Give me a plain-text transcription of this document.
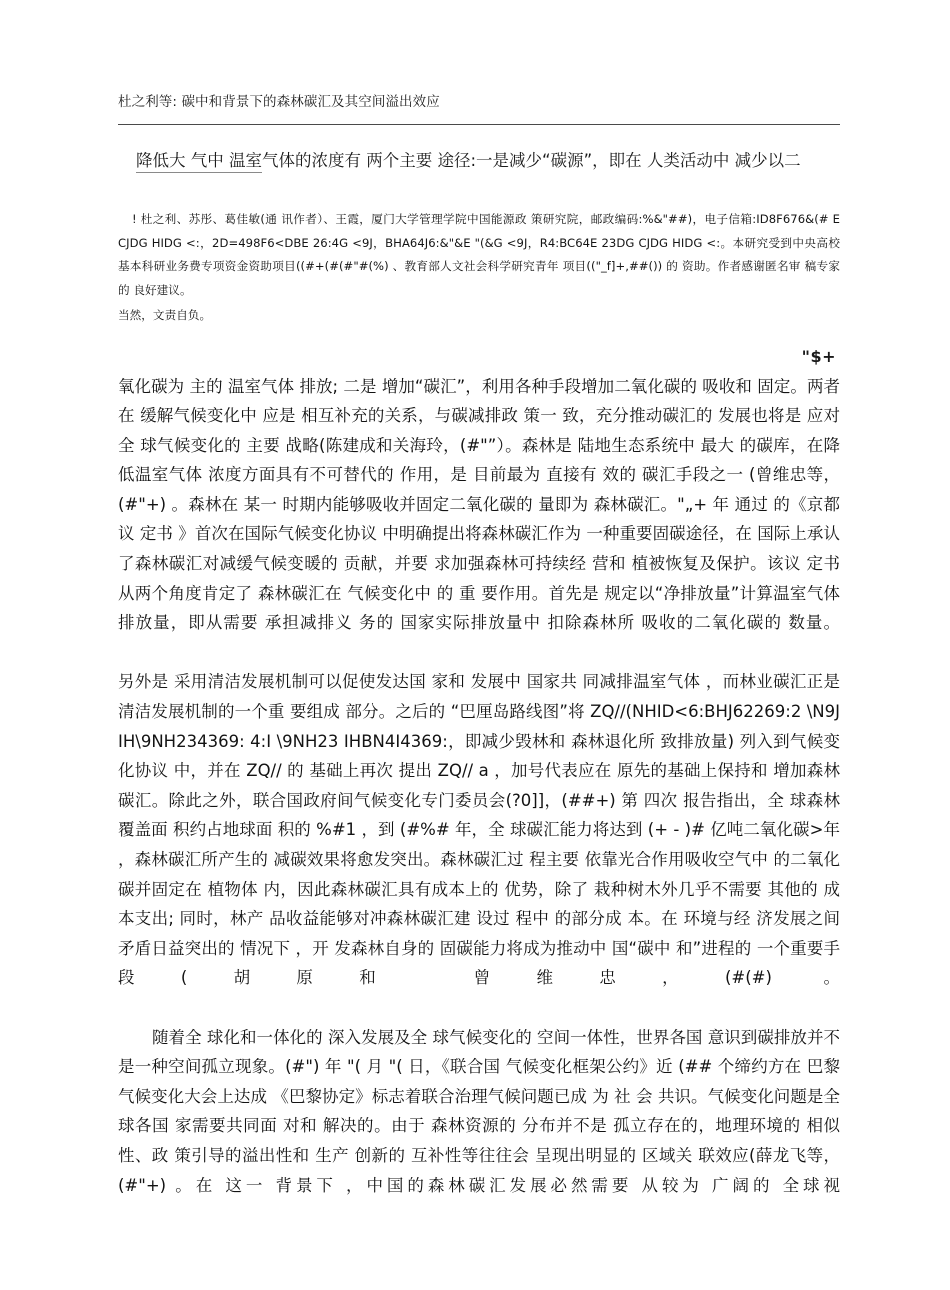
杜之利等: 碳中和背景下的森林碳汇及其空间溢出效应
降低大 气中 温室气体的浓度有 两个主要 途径:一是减少“碳源”，即在 人类活动中 减少以二

! 杜之利、苏彤、葛佳敏(通 讯作者）、王霞，厦门大学管理学院中国能源政 策研究院，邮政编码:%&"##)，电子信箱:ID8F676&(# E CJDG HIDG <:，2D=498F6<DBE 26:4G <9J，BHA64J6:&"&E "(&G <9J，R4:BC64E 23DG CJDG HIDG <:。本研究受到中央高校基本科研业务费专项资金资助项目((#+(#(#"#(%) 、教育部人文社会科学研究青年 项目(("_f]+,##()) 的 资助。作者感谢匿名审 稿专家的 良好建议。

当然，文责自负。

"$+

氧化碳为 主的 温室气体 排放; 二是 增加“碳汇”，利用各种手段增加二氧化碳的 吸收和 固定。两者在 缓解气候变化中 应是 相互补充的关系，与碳减排政 策一 致，充分推动碳汇的 发展也将是 应对全 球气候变化的 主要 战略(陈建成和关海玲，(#"”）。森林是 陆地生态系统中 最大 的碳库，在降低温室气体 浓度方面具有不可替代的 作用，是 目前最为 直接有 效的 碳汇手段之一 (曾维忠等， (#"+) 。森林在 某一 时期内能够吸收并固定二氧化碳的 量即为 森林碳汇。"„+ 年 通过 的《京都议 定书 》首次在国际气候变化协议 中明确提出将森林碳汇作为 一种重要固碳途径，在 国际上承认了森林碳汇对减缓气候变暖的 贡献，并要 求加强森林可持续经 营和 植被恢复及保护。该议 定书 从两个角度肯定了 森林碳汇在 气候变化中 的 重 要作用。首先是 规定以“净排放量”计算温室气体 排放量，即从需要 承担减排义 务的 国家实际排放量中 扣除森林所 吸收的二氧化碳的 数量。

另外是 采用清洁发展机制可以促使发达国 家和 发展中 国家共 同减排温室气体 ，而林业碳汇正是清洁发展机制的一个重 要组成 部分。之后的 “巴厘岛路线图”将 ZQ//(NHID<6:BHJ62269:2 \N9J IH\9NH234369: 4:I \9NH23 IHBN4I4369:，即减少毁林和 森林退化所 致排放量) 列入到气候变化协议 中，并在 ZQ// 的 基础上再次 提出 ZQ// a ，加号代表应在 原先的基础上保持和 增加森林碳汇。除此之外，联合国政府间气候变化专门委员会(?0]]，(##+) 第 四次 报告指出，全 球森林覆盖面 积约占地球面 积的 %#1 ，到 (#%# 年，全 球碳汇能力将达到 (+ - )# 亿吨二氧化碳>年 ，森林碳汇所产生的 减碳效果将愈发突出。森林碳汇过 程主要 依靠光合作用吸收空气中 的二氧化碳并固定在 植物体 内，因此森林碳汇具有成本上的 优势，除了 栽种树木外几乎不需要 其他的 成本支出; 同时，林产 品收益能够对冲森林碳汇建 设过 程中 的部分成 本。在 环境与经 济发展之间矛盾日益突出的 情况下 ，开 发森林自身的 固碳能力将成为推动中 国“碳中 和”进程的 一个重要手段(胡原和 曾维忠，(#(#) 。

随着全 球化和一体化的 深入发展及全 球气候变化的 空间一体性，世界各国 意识到碳排放并不是一种空间孤立现象。(#") 年 "( 月 "( 日，《联合国 气候变化框架公约》近 (## 个缔约方在 巴黎气候变化大会上达成 《巴黎协定》标志着联合治理气候问题已成 为 社 会 共识。气候变化问题是全球各国 家需要共同面 对和 解决的。由于 森林资源的 分布并不是 孤立存在的，地理环境的 相似性、政 策引导的溢出性和 生产 创新的 互补性等往往会 呈现出明显的 区域关 联效应(薛龙飞等， (#"+) 。在 这一 背景下 ，中国的森林碳汇发展必然需要 从较为 广阔的 全球视
